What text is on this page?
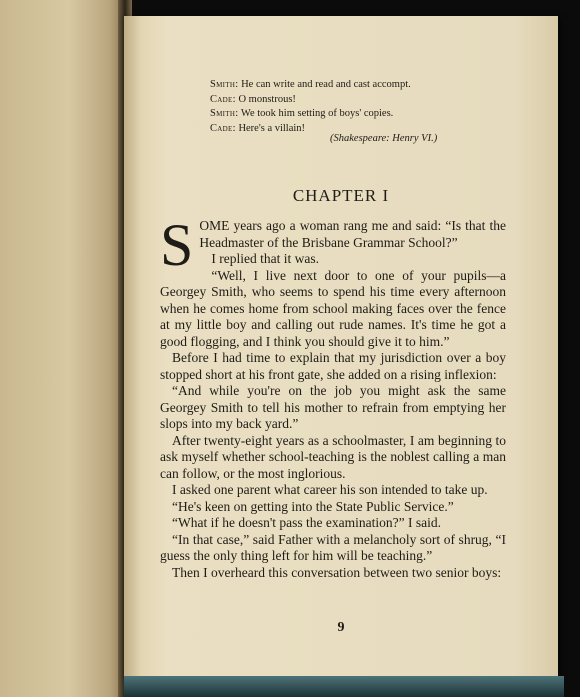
Smith: He can write and read and cast accompt.
Cade: O monstrous!
Smith: We took him setting of boys' copies.
Cade: Here's a villain!
(Shakespeare: Henry VI.)
CHAPTER I
S OME years ago a woman rang me and said: “Is that the Headmaster of the Brisbane Grammar School?”

I replied that it was.

“Well, I live next door to one of your pupils—a Georgey Smith, who seems to spend his time every afternoon when he comes home from school making faces over the fence at my little boy and calling out rude names. It's time he got a good flogging, and I think you should give it to him.”

Before I had time to explain that my jurisdiction over a boy stopped short at his front gate, she added on a rising inflexion:

“And while you're on the job you might ask the same Georgey Smith to tell his mother to refrain from emptying her slops into my back yard.”

After twenty-eight years as a schoolmaster, I am beginning to ask myself whether school-teaching is the noblest calling a man can follow, or the most inglorious.

I asked one parent what career his son intended to take up.

“He's keen on getting into the State Public Service.”

“What if he doesn't pass the examination?” I said.

“In that case,” said Father with a melancholy sort of shrug, “I guess the only thing left for him will be teaching.”

Then I overheard this conversation between two senior boys:

9
